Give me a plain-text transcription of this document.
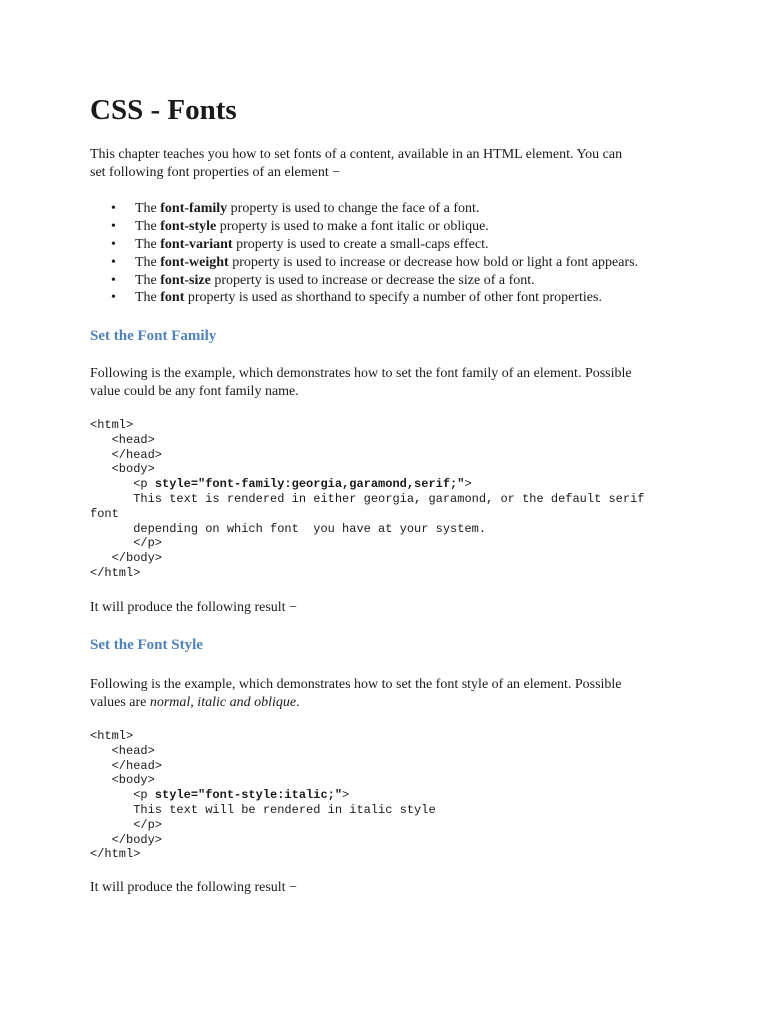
CSS - Fonts

This chapter teaches you how to set fonts of a content, available in an HTML element. You can
set following font properties of an element −

• The font-family property is used to change the face of a font.
• The font-style property is used to make a font italic or oblique.
• The font-variant property is used to create a small-caps effect.
• The font-weight property is used to increase or decrease how bold or light a font appears.
• The font-size property is used to increase or decrease the size of a font.
• The font property is used as shorthand to specify a number of other font properties.
Set the Font Family

Following is the example, which demonstrates how to set the font family of an element. Possible
value could be any font family name.

<html>
<head>
</head>
<body>
<p style="font-family:georgia,garamond,serif;">
This text is rendered in either georgia, garamond, or the default serif
font
depending on which font  you have at your system.
</p>
</body>
</html>

It will produce the following result −

Set the Font Style

Following is the example, which demonstrates how to set the font style of an element. Possible
values are normal, italic and oblique.

<html>
<head>
</head>
<body>
<p style="font-style:italic;">
This text will be rendered in italic style
</p>
</body>
</html>

It will produce the following result −
